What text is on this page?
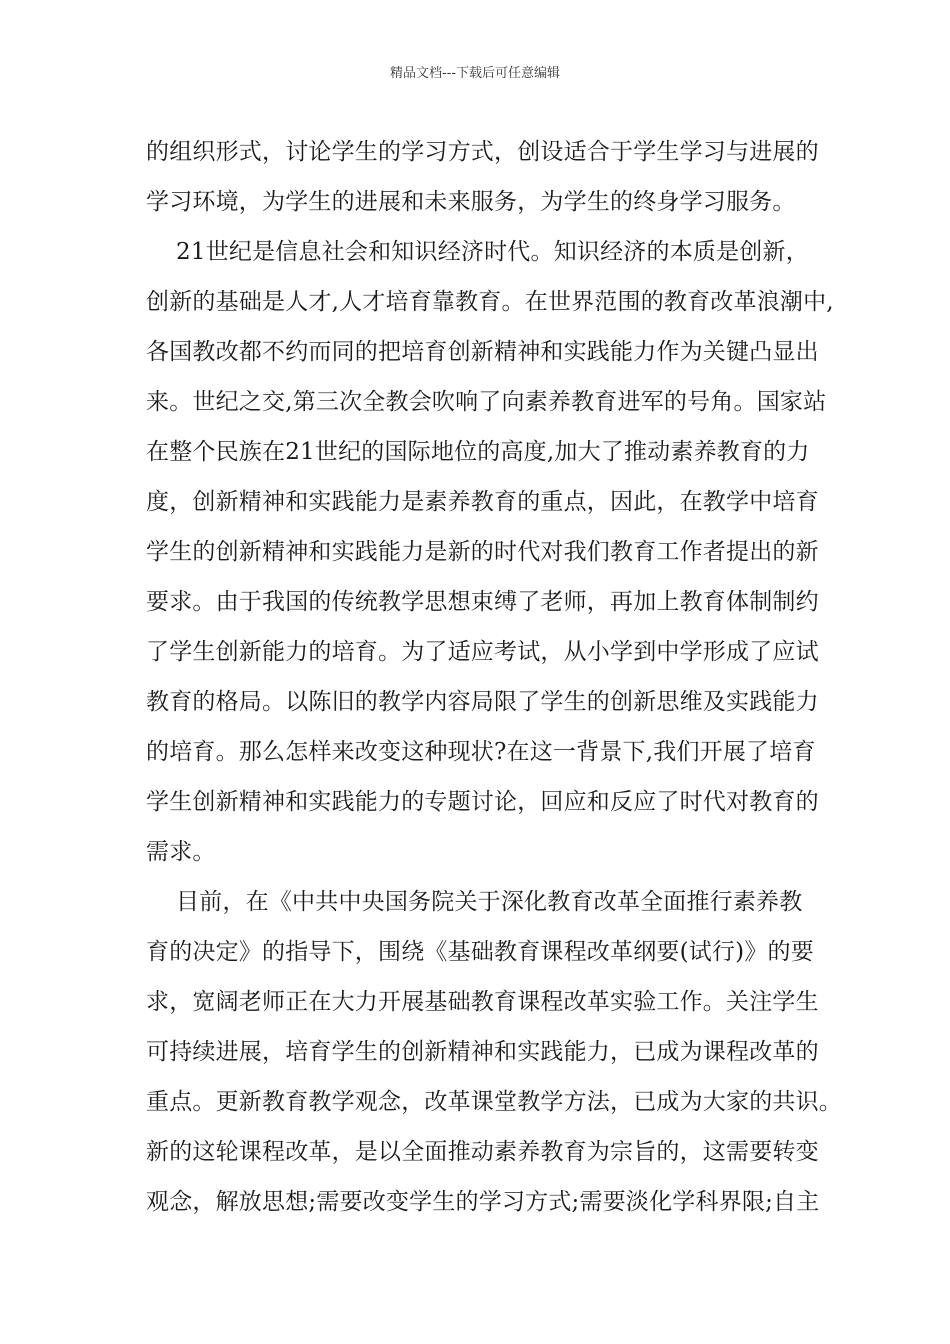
精品文档---下载后可任意编辑
的组织形式，讨论学生的学习方式，创设适合于学生学习与进展的
学习环境，为学生的进展和未来服务，为学生的终身学习服务。
21世纪是信息社会和知识经济时代。知识经济的本质是创新，
创新的基础是人才,人才培育靠教育。在世界范围的教育改革浪潮中,
各国教改都不约而同的把培育创新精神和实践能力作为关键凸显出
来。世纪之交,第三次全教会吹响了向素养教育进军的号角。国家站
在整个民族在21世纪的国际地位的高度,加大了推动素养教育的力
度，创新精神和实践能力是素养教育的重点，因此，在教学中培育
学生的创新精神和实践能力是新的时代对我们教育工作者提出的新
要求。由于我国的传统教学思想束缚了老师，再加上教育体制制约
了学生创新能力的培育。为了适应考试，从小学到中学形成了应试
教育的格局。以陈旧的教学内容局限了学生的创新思维及实践能力
的培育。那么怎样来改变这种现状?在这一背景下,我们开展了培育
学生创新精神和实践能力的专题讨论，回应和反应了时代对教育的
需求。
目前，在《中共中央国务院关于深化教育改革全面推行素养教
育的决定》的指导下，围绕《基础教育课程改革纲要(试行)》的要
求，宽阔老师正在大力开展基础教育课程改革实验工作。关注学生
可持续进展，培育学生的创新精神和实践能力，已成为课程改革的
重点。更新教育教学观念，改革课堂教学方法，已成为大家的共识。
新的这轮课程改革，是以全面推动素养教育为宗旨的，这需要转变
观念，解放思想;需要改变学生的学习方式;需要淡化学科界限;自主
